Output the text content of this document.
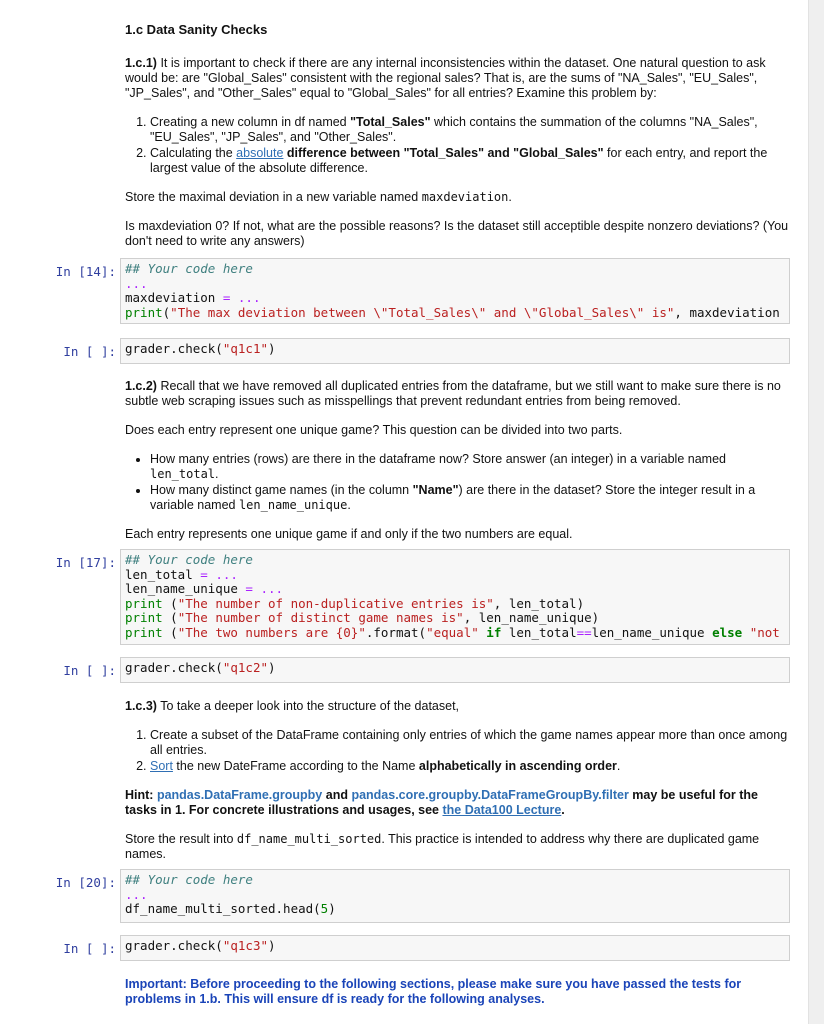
1.c Data Sanity Checks

1.c.1) It is important to check if there are any internal inconsistencies within the dataset. One natural question to ask would be: are "Global_Sales" consistent with the regional sales? That is, are the sums of "NA_Sales", "EU_Sales", "JP_Sales", and "Other_Sales" equal to "Global_Sales" for all entries? Examine this problem by:

1. Creating a new column in df named "Total_Sales" which contains the summation of the columns "NA_Sales", "EU_Sales", "JP_Sales", and "Other_Sales".
2. Calculating the absolute difference between "Total_Sales" and "Global_Sales" for each entry, and report the largest value of the absolute difference.

Store the maximal deviation in a new variable named maxdeviation.

Is maxdeviation 0? If not, what are the possible reasons? Is the dataset still acceptible despite nonzero deviations? (You don't need to write any answers)

In [14]: ## Your code here
...
maxdeviation = ...
print("The max deviation between \"Total_Sales\" and \"Global_Sales\" is", maxdeviation
In [ ]: grader.check("q1c1")

1.c.2) Recall that we have removed all duplicated entries from the dataframe, but we still want to make sure there is no subtle web scraping issues such as misspellings that prevent redundant entries from being removed.

Does each entry represent one unique game? This question can be divided into two parts.

• How many entries (rows) are there in the dataframe now? Store answer (an integer) in a variable named len_total.
• How many distinct game names (in the column "Name") are there in the dataset? Store the integer result in a variable named len_name_unique.

Each entry represents one unique game if and only if the two numbers are equal.

In [17]: ## Your code here
len_total = ...
len_name_unique = ...
print ("The number of non-duplicative entries is", len_total)
print ("The number of distinct game names is", len_name_unique)
print ("The two numbers are {0}".format("equal" if len_total==len_name_unique else "not
In [ ]: grader.check("q1c2")

1.c.3) To take a deeper look into the structure of the dataset,

1. Create a subset of the DataFrame containing only entries of which the game names appear more than once among all entries.
2. Sort the new DateFrame according to the Name alphabetically in ascending order.

Hint: pandas.DataFrame.groupby and pandas.core.groupby.DataFrameGroupBy.filter may be useful for the tasks in 1. For concrete illustrations and usages, see the Data100 Lecture.

Store the result into df_name_multi_sorted. This practice is intended to address why there are duplicated game names.

In [20]: ## Your code here
...
df_name_multi_sorted.head(5)
In [ ]: grader.check("q1c3")
Important: Before proceeding to the following sections, please make sure you have passed the tests for problems in 1.b. This will ensure df is ready for the following analyses.
